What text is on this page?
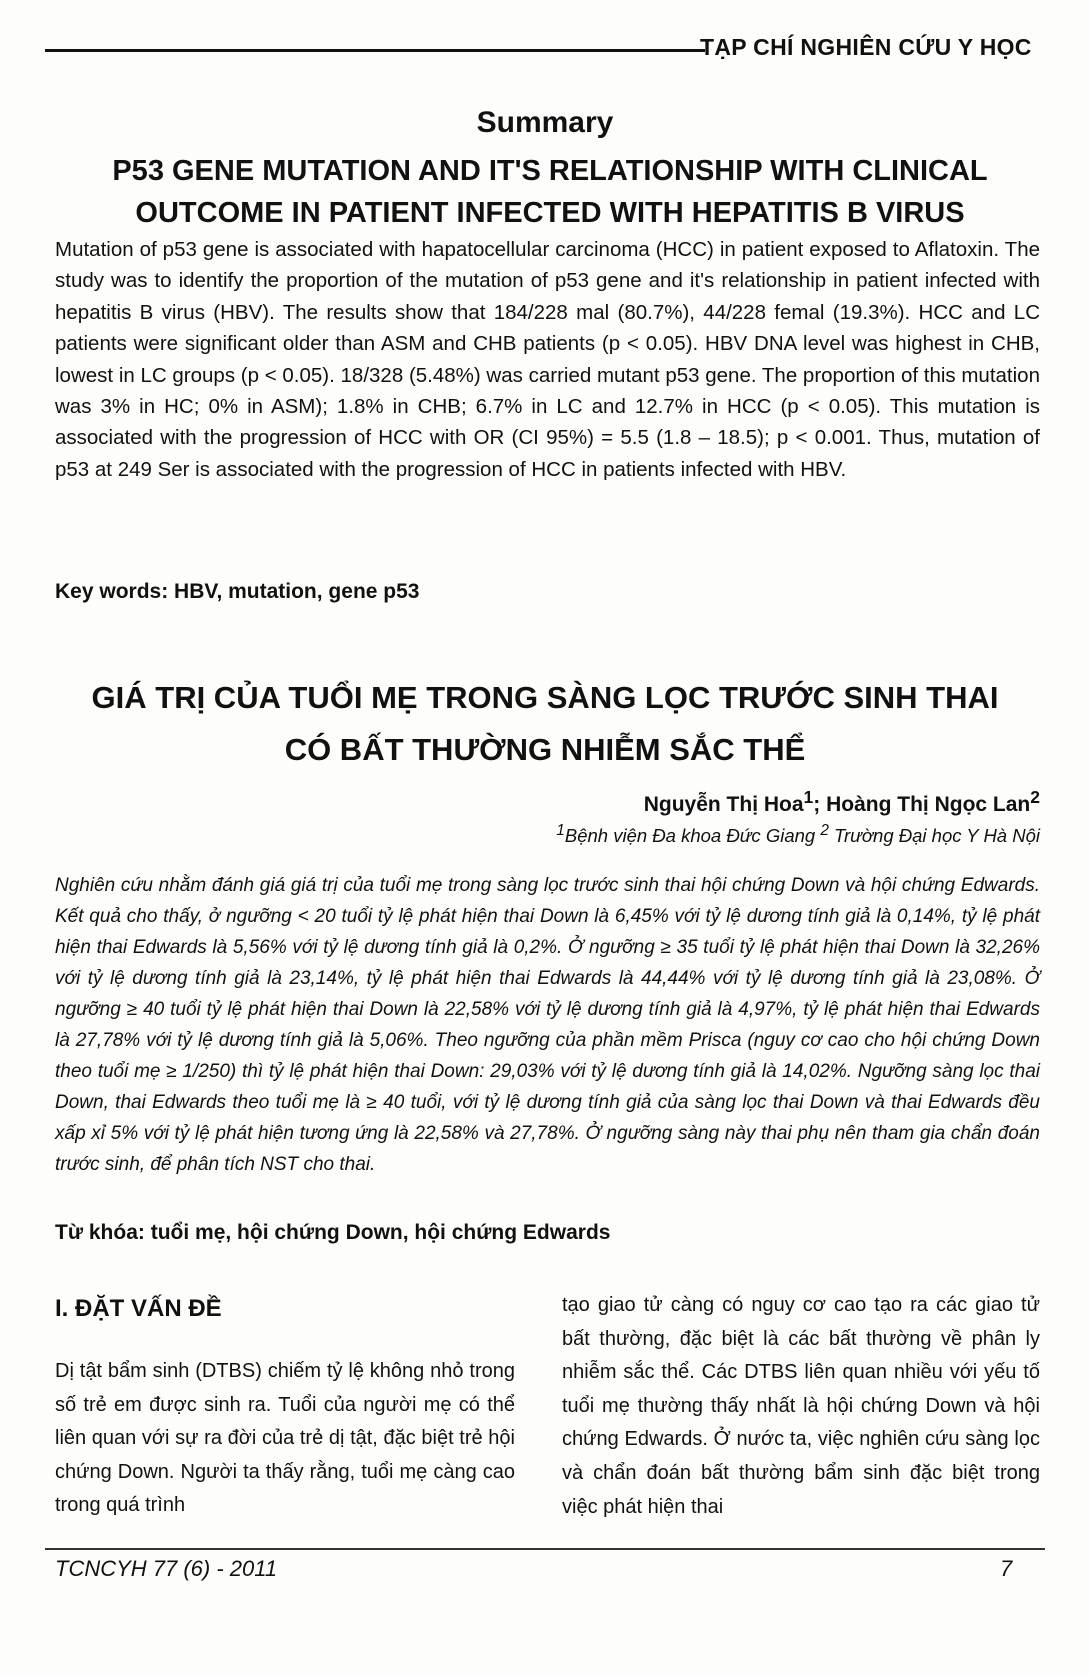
TẠP CHÍ NGHIÊN CỨU Y HỌC
Summary
P53 GENE MUTATION AND IT'S RELATIONSHIP WITH CLINICAL
OUTCOME IN PATIENT INFECTED WITH HEPATITIS B VIRUS
Mutation of p53 gene is associated with hapatocellular carcinoma (HCC) in patient exposed to Aflatoxin. The study was to identify the proportion of the mutation of p53 gene and it's relationship in patient infected with hepatitis B virus (HBV). The results show that 184/228 mal (80.7%), 44/228 femal (19.3%). HCC and LC patients were significant older than ASM and CHB patients (p < 0.05). HBV DNA level was highest in CHB, lowest in LC groups (p < 0.05). 18/328 (5.48%) was carried mutant p53 gene. The proportion of this mutation was 3% in HC; 0% in ASM); 1.8% in CHB; 6.7% in LC and 12.7% in HCC (p < 0.05). This mutation is associated with the progression of HCC with OR (CI 95%) = 5.5 (1.8 – 18.5); p < 0.001. Thus, mutation of p53 at 249 Ser is associated with the progression of HCC in patients infected with HBV.
Key words: HBV, mutation, gene p53
GIÁ TRỊ CỦA TUỔI MẸ TRONG SÀNG LỌC TRƯỚC SINH THAI
CÓ BẤT THƯỜNG NHIỄM SẮC THỂ
Nguyễn Thị Hoa$^1$; Hoàng Thị Ngọc Lan$^2$
$^1$Bệnh viện Đa khoa Đức Giang $^2$ Trường Đại học Y Hà Nội
Nghiên cứu nhằm đánh giá giá trị của tuổi mẹ trong sàng lọc trước sinh thai hội chứng Down và hội chứng Edwards. Kết quả cho thấy, ở ngưỡng < 20 tuổi tỷ lệ phát hiện thai Down là 6,45% với tỷ lệ dương tính giả là 0,14%, tỷ lệ phát hiện thai Edwards là 5,56% với tỷ lệ dương tính giả là 0,2%. Ở ngưỡng ≥ 35 tuổi tỷ lệ phát hiện thai Down là 32,26% với tỷ lệ dương tính giả là 23,14%, tỷ lệ phát hiện thai Edwards là 44,44% với tỷ lệ dương tính giả là 23,08%. Ở ngưỡng ≥ 40 tuổi tỷ lệ phát hiện thai Down là 22,58% với tỷ lệ dương tính giả là 4,97%, tỷ lệ phát hiện thai Edwards là 27,78% với tỷ lệ dương tính giả là 5,06%. Theo ngưỡng của phần mềm Prisca (nguy cơ cao cho hội chứng Down theo tuổi mẹ ≥ 1/250) thì tỷ lệ phát hiện thai Down: 29,03% với tỷ lệ dương tính giả là 14,02%. Ngưỡng sàng lọc thai Down, thai Edwards theo tuổi mẹ là ≥ 40 tuổi, với tỷ lệ dương tính giả của sàng lọc thai Down và thai Edwards đều xấp xỉ 5% với tỷ lệ phát hiện tương ứng là 22,58% và 27,78%. Ở ngưỡng sàng này thai phụ nên tham gia chẩn đoán trước sinh, để phân tích NST cho thai.
Từ khóa: tuổi mẹ, hội chứng Down, hội chứng Edwards
I. ĐẶT VẤN ĐỀ
Dị tật bẩm sinh (DTBS) chiếm tỷ lệ không nhỏ trong số trẻ em được sinh ra. Tuổi của người mẹ có thể liên quan với sự ra đời của trẻ dị tật, đặc biệt trẻ hội chứng Down. Người ta thấy rằng, tuổi mẹ càng cao trong quá trình
tạo giao tử càng có nguy cơ cao tạo ra các giao tử bất thường, đặc biệt là các bất thường về phân ly nhiễm sắc thể. Các DTBS liên quan nhiều với yếu tố tuổi mẹ thường thấy nhất là hội chứng Down và hội chứng Edwards. Ở nước ta, việc nghiên cứu sàng lọc và chẩn đoán bất thường bẩm sinh đặc biệt trong việc phát hiện thai
TCNCYH 77 (6) - 2011	7
